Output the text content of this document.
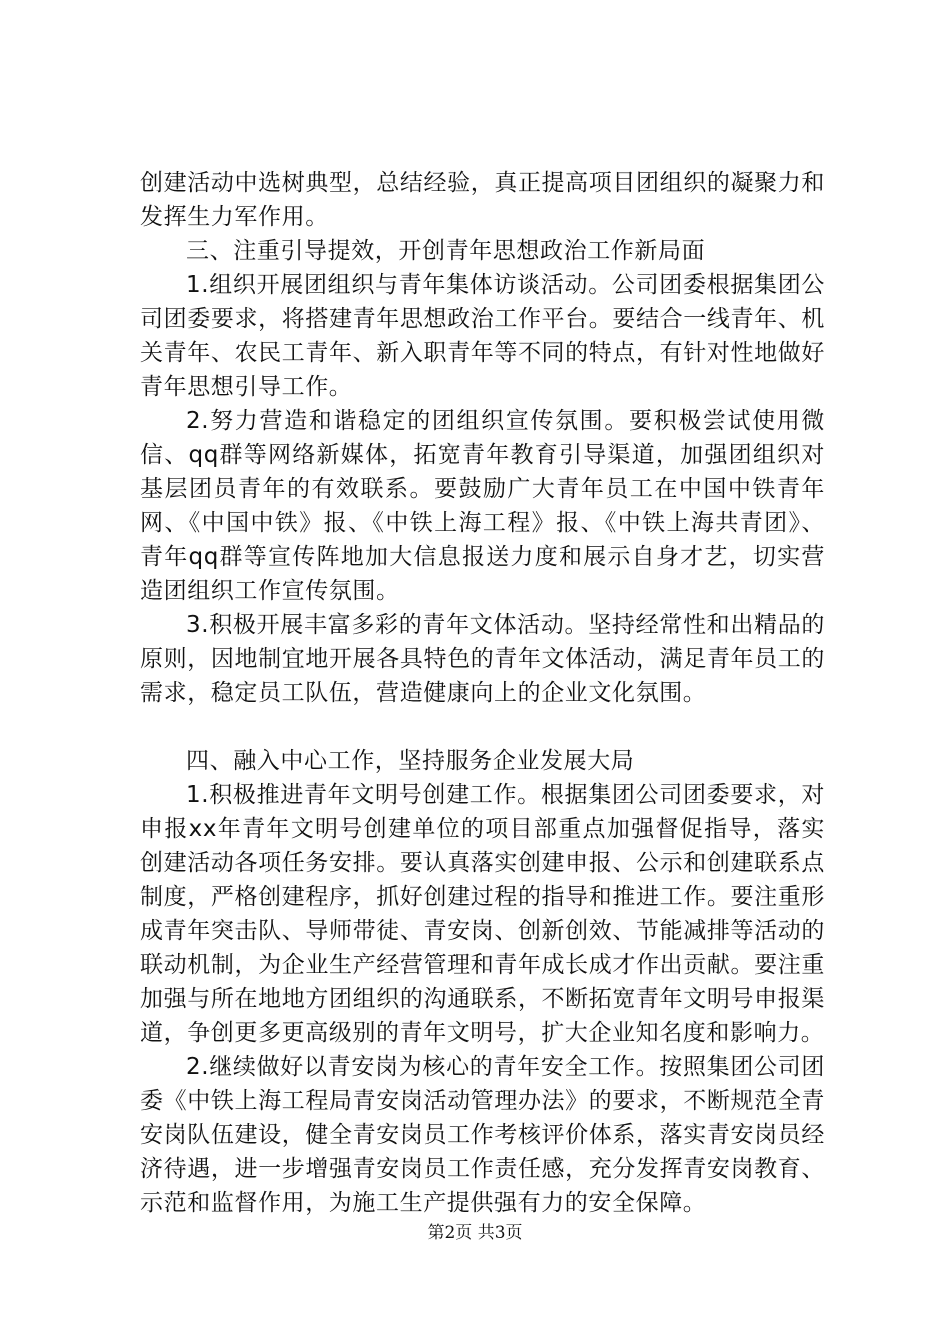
创建活动中选树典型，总结经验，真正提高项目团组织的凝聚力和发挥生力军作用。

三、注重引导提效，开创青年思想政治工作新局面

1.组织开展团组织与青年集体访谈活动。公司团委根据集团公司团委要求，将搭建青年思想政治工作平台。要结合一线青年、机关青年、农民工青年、新入职青年等不同的特点，有针对性地做好青年思想引导工作。

2.努力营造和谐稳定的团组织宣传氛围。要积极尝试使用微信、qq群等网络新媒体，拓宽青年教育引导渠道，加强团组织对基层团员青年的有效联系。要鼓励广大青年员工在中国中铁青年网、《中国中铁》报、《中铁上海工程》报、《中铁上海共青团》、青年qq群等宣传阵地加大信息报送力度和展示自身才艺，切实营造团组织工作宣传氛围。

3.积极开展丰富多彩的青年文体活动。坚持经常性和出精品的原则，因地制宜地开展各具特色的青年文体活动，满足青年员工的需求，稳定员工队伍，营造健康向上的企业文化氛围。

四、融入中心工作，坚持服务企业发展大局

1.积极推进青年文明号创建工作。根据集团公司团委要求，对申报xx年青年文明号创建单位的项目部重点加强督促指导，落实创建活动各项任务安排。要认真落实创建申报、公示和创建联系点制度，严格创建程序，抓好创建过程的指导和推进工作。要注重形成青年突击队、导师带徒、青安岗、创新创效、节能减排等活动的联动机制，为企业生产经营管理和青年成长成才作出贡献。要注重加强与所在地地方团组织的沟通联系，不断拓宽青年文明号申报渠道，争创更多更高级别的青年文明号，扩大企业知名度和影响力。

2.继续做好以青安岗为核心的青年安全工作。按照集团公司团委《中铁上海工程局青安岗活动管理办法》的要求，不断规范全青安岗队伍建设，健全青安岗员工作考核评价体系，落实青安岗员经济待遇，进一步增强青安岗员工作责任感，充分发挥青安岗教育、示范和监督作用，为施工生产提供强有力的安全保障。

第2页 共3页
